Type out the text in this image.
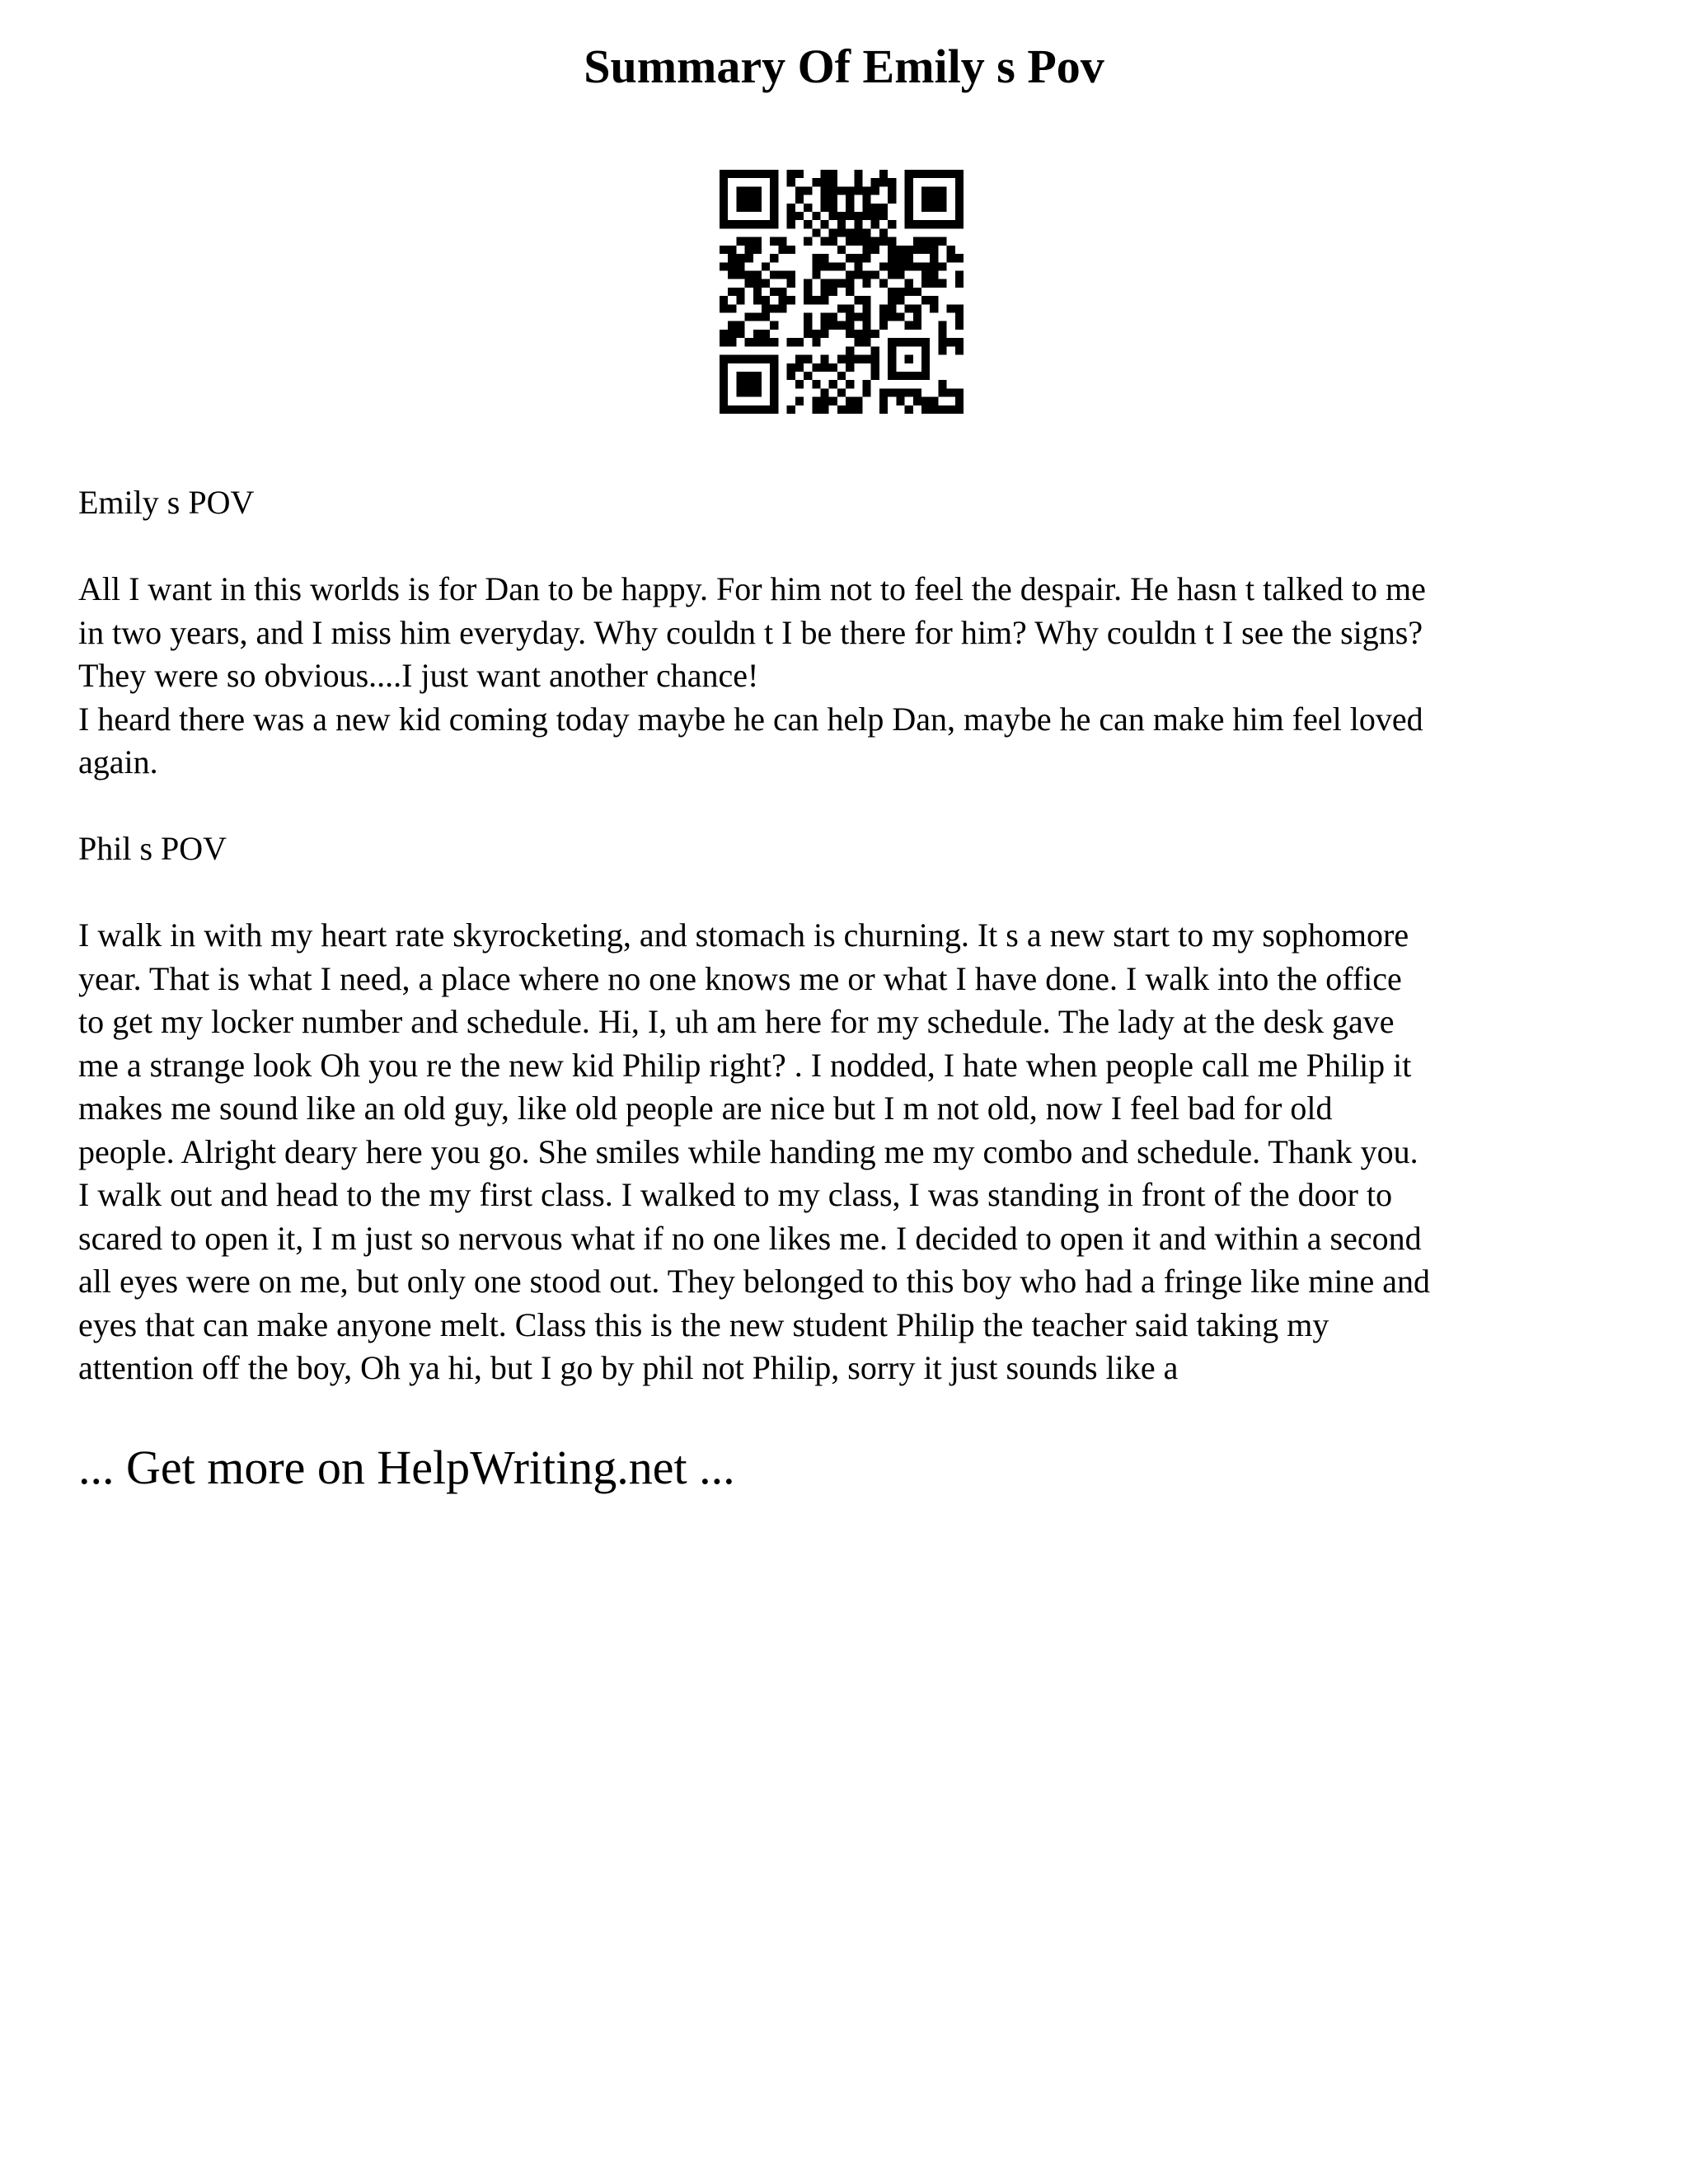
Summary Of Emily s Pov

Emily s POV

All I want in this worlds is for Dan to be happy. For him not to feel the despair. He hasn t talked to me
in two years, and I miss him everyday. Why couldn t I be there for him? Why couldn t I see the signs?
They were so obvious....I just want another chance!
I heard there was a new kid coming today maybe he can help Dan, maybe he can make him feel loved
again.

Phil s POV

I walk in with my heart rate skyrocketing, and stomach is churning. It s a new start to my sophomore
year. That is what I need, a place where no one knows me or what I have done. I walk into the office
to get my locker number and schedule. Hi, I, uh am here for my schedule. The lady at the desk gave
me a strange look Oh you re the new kid Philip right? . I nodded, I hate when people call me Philip it
makes me sound like an old guy, like old people are nice but I m not old, now I feel bad for old
people. Alright deary here you go. She smiles while handing me my combo and schedule. Thank you.
I walk out and head to the my first class. I walked to my class, I was standing in front of the door to
scared to open it, I m just so nervous what if no one likes me. I decided to open it and within a second
all eyes were on me, but only one stood out. They belonged to this boy who had a fringe like mine and
eyes that can make anyone melt. Class this is the new student Philip the teacher said taking my
attention off the boy, Oh ya hi, but I go by phil not Philip, sorry it just sounds like a

... Get more on HelpWriting.net ...
